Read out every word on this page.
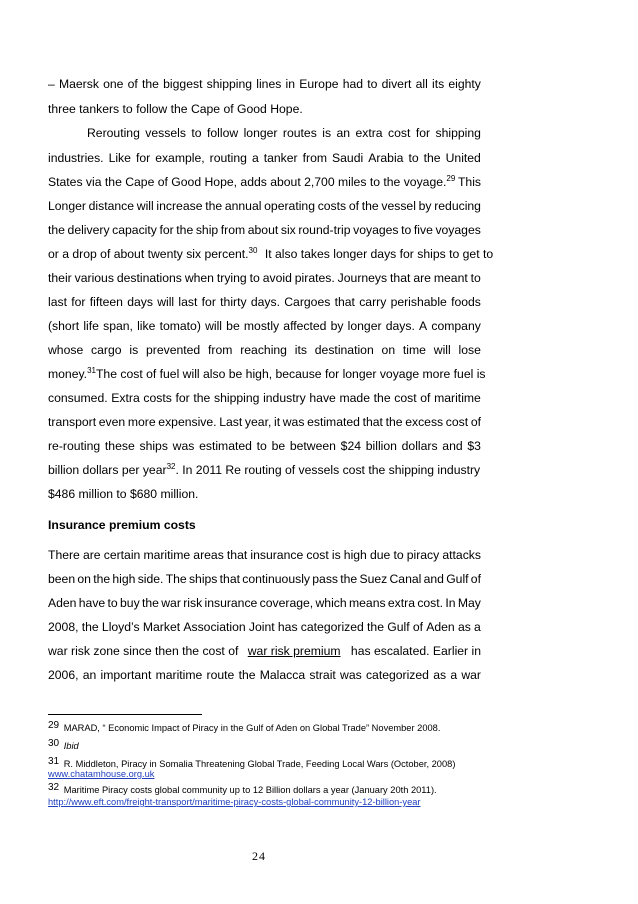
– Maersk one of the biggest shipping lines in Europe had to divert all its eighty
three tankers to follow the Cape of Good Hope.
Rerouting vessels to follow longer routes is an extra cost for shipping
industries. Like for example, routing a tanker from Saudi Arabia to the United
States via the Cape of Good Hope, adds about 2,700 miles to the voyage.$^{29}$ This
Longer distance will increase the annual operating costs of the vessel by reducing
the delivery capacity for the ship from about six round-trip voyages to five voyages
or a drop of about twenty six percent.$^{30}$ It also takes longer days for ships to get to
their various destinations when trying to avoid pirates. Journeys that are meant to
last for fifteen days will last for thirty days. Cargoes that carry perishable foods
(short life span, like tomato) will be mostly affected by longer days. A company
whose cargo is prevented from reaching its destination on time will lose
money.$^{31}$The cost of fuel will also be high, because for longer voyage more fuel is
consumed. Extra costs for the shipping industry have made the cost of maritime
transport even more expensive. Last year, it was estimated that the excess cost of
re-routing these ships was estimated to be between $24 billion dollars and $3
billion dollars per year$^{32}$. In 2011 Re routing of vessels cost the shipping industry
$486 million to $680 million.
Insurance premium costs
There are certain maritime areas that insurance cost is high due to piracy attacks
been on the high side. The ships that continuously pass the Suez Canal and Gulf of
Aden have to buy the war risk insurance coverage, which means extra cost. In May
2008, the Lloyd’s Market Association Joint has categorized the Gulf of Aden as a
war risk zone since then the cost of war risk premium has escalated. Earlier in
2006, an important maritime route the Malacca strait was categorized as a war
29 MARAD, “ Economic Impact of Piracy in the Gulf of Aden on Global Trade” November 2008.
30 Ibid
31 R. Middleton, Piracy in Somalia Threatening Global Trade, Feeding Local Wars (October, 2008)
www.chatamhouse.org.uk
32 Maritime Piracy costs global community up to 12 Billion dollars a year (January 20th 2011).
http://www.eft.com/freight-transport/maritime-piracy-costs-global-community-12-billion-year
24
